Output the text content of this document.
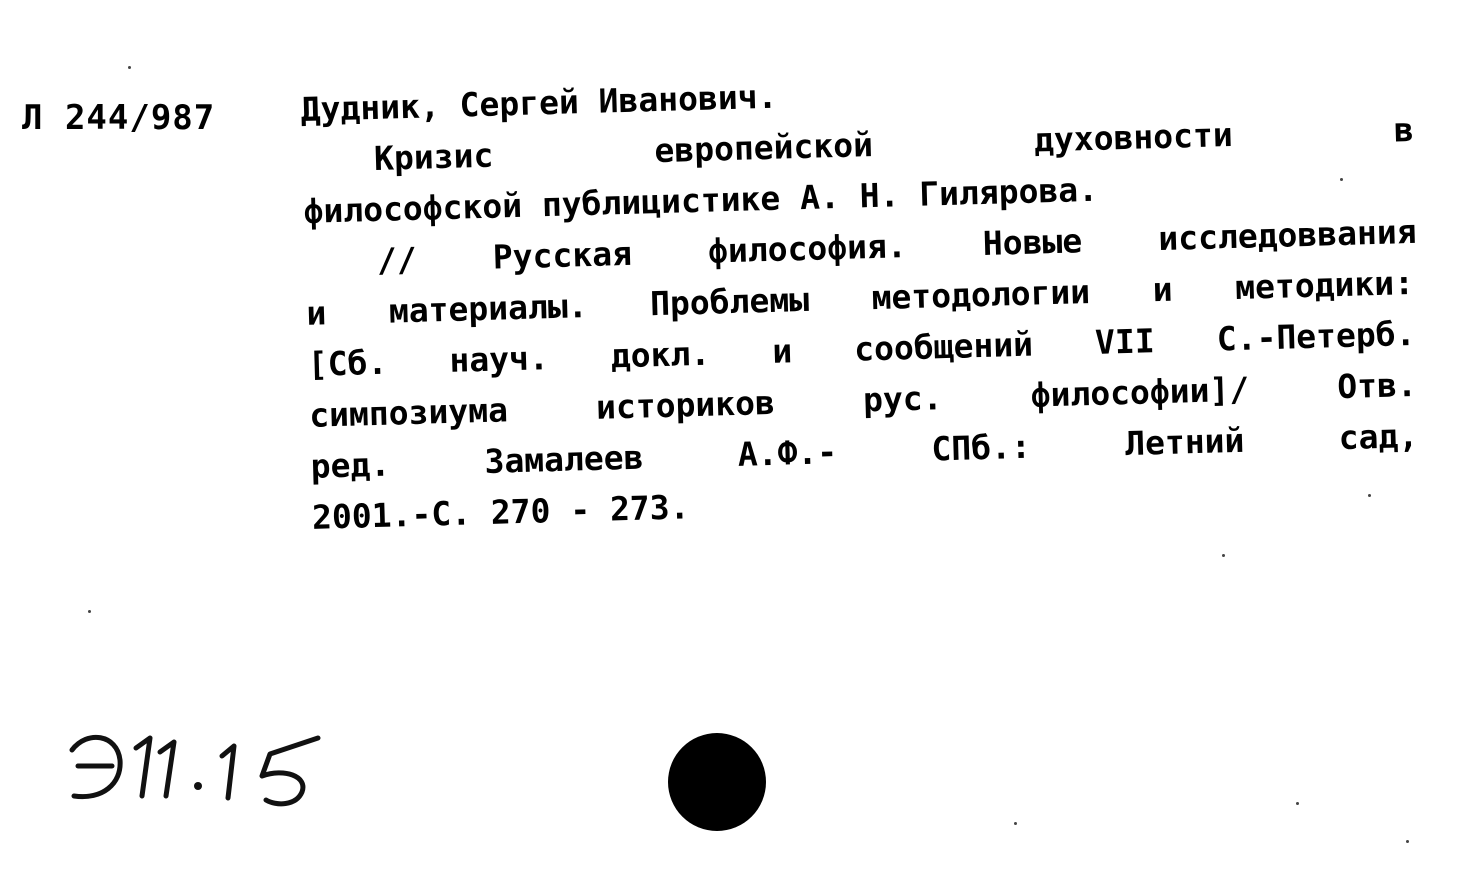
Л 244/987	Дудник, Сергей Иванович.
Кризис	европейской	духовности	в
философской публицистике А. Н. Гилярова.
// Русская философия. Новые исследоввания
и материалы. Проблемы методологии и методики:
[Сб. науч. докл. и сообщений VII С.-Петерб.
симпозиума	историков	рус.	философии]/	Отв.
ред.	Замалеев	А.Ф.-	СПб.:	Летний	сад,
2001.-С. 270 - 273.
